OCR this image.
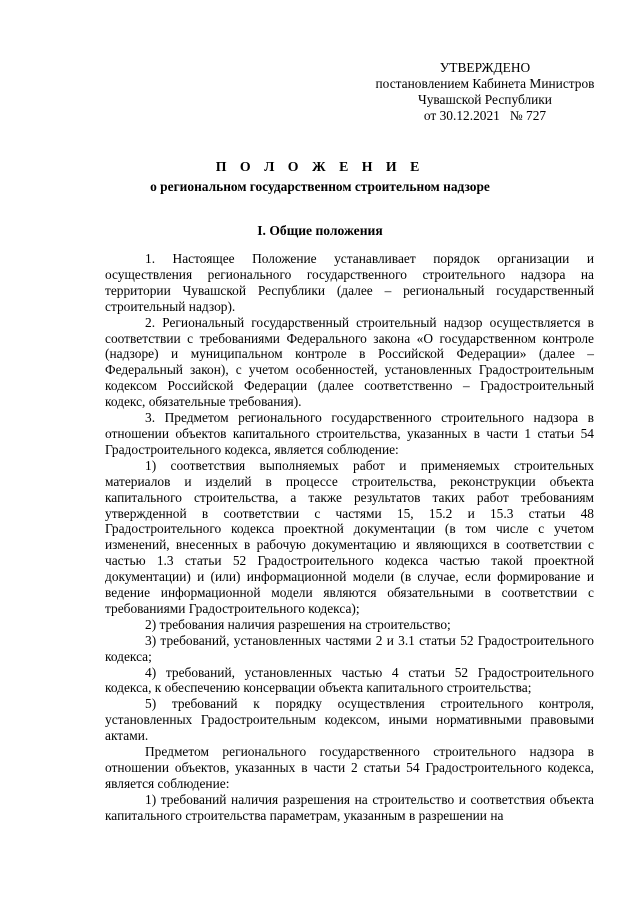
УТВЕРЖДЕНО
постановлением Кабинета Министров
Чувашской Республики
от 30.12.2021   № 727
П О Л О Ж Е Н И Е
о региональном государственном строительном надзоре
I. Общие положения

1. Настоящее Положение устанавливает порядок организации и осуществления регионального государственного строительного надзора на территории Чувашской Республики (далее – региональный государственный строительный надзор).

2. Региональный государственный строительный надзор осуществляется в соответствии с требованиями Федерального закона «О государственном контроле (надзоре) и муниципальном контроле в Российской Федерации» (далее – Федеральный закон), с учетом особенностей, установленных Градостроительным кодексом Российской Федерации (далее соответственно – Градостроительный кодекс, обязательные требования).

3. Предметом регионального государственного строительного надзора в отношении объектов капитального строительства, указанных в части 1 статьи 54 Градостроительного кодекса, является соблюдение:

1) соответствия выполняемых работ и применяемых строительных материалов и изделий в процессе строительства, реконструкции объекта капитального строительства, а также результатов таких работ требованиям утвержденной в соответствии с частями 15, 15.2 и 15.3 статьи 48 Градостроительного кодекса проектной документации (в том числе с учетом изменений, внесенных в рабочую документацию и являющихся в соответствии с частью 1.3 статьи 52 Градостроительного кодекса частью такой проектной документации) и (или) информационной модели (в случае, если формирование и ведение информационной модели являются обязательными в соответствии с требованиями Градостроительного кодекса);

2) требования наличия разрешения на строительство;

3) требований, установленных частями 2 и 3.1 статьи 52 Градостроительного кодекса;

4) требований, установленных частью 4 статьи 52 Градостроительного кодекса, к обеспечению консервации объекта капитального строительства;

5) требований к порядку осуществления строительного контроля, установленных Градостроительным кодексом, иными нормативными правовыми актами.

Предметом регионального государственного строительного надзора в отношении объектов, указанных в части 2 статьи 54 Градостроительного кодекса, является соблюдение:

1) требований наличия разрешения на строительство и соответствия объекта капитального строительства параметрам, указанным в разрешении на
